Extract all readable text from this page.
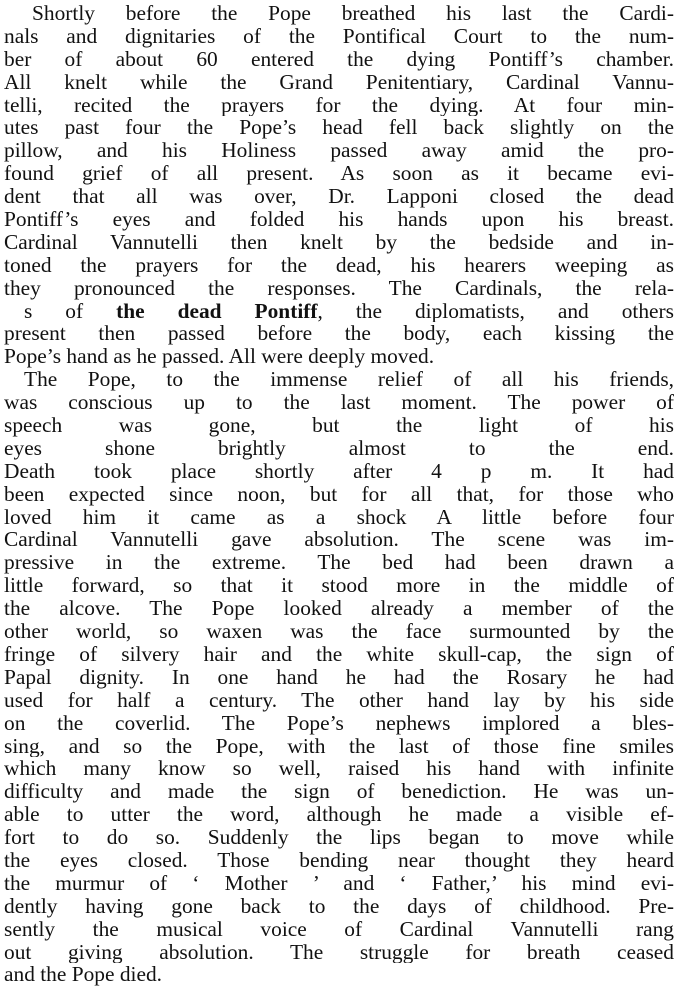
Shortly before the Pope breathed his last the Cardi-
nals and dignitaries of the Pontifical Court to the num-
ber of about 60 entered the dying Pontiff’s chamber.
All knelt while the Grand Penitentiary, Cardinal Vannu-
telli, recited the prayers for the dying. At four min-
utes past four the Pope’s head fell back slightly on the
pillow, and his Holiness passed away amid the pro-
found grief of all present. As soon as it became evi-
dent that all was over, Dr. Lapponi closed the dead
Pontiff’s eyes and folded his hands upon his breast.
Cardinal Vannutelli then knelt by the bedside and in-
toned the prayers for the dead, his hearers weeping as
they pronounced the responses. The Cardinals, the rela-
s of the dead Pontiff, the diplomatists, and others
present then passed before the body, each kissing the
Pope’s hand as he passed. All were deeply moved.
The Pope, to the immense relief of all his friends,
was conscious up to the last moment. The power of
speech was gone, but the light of his
eyes shone brightly almost to the end.
Death took place shortly after 4 p m. It had
been expected since noon, but for all that, for those who
loved him it came as a shock A little before four
Cardinal Vannutelli gave absolution. The scene was im-
pressive in the extreme. The bed had been drawn a
little forward, so that it stood more in the middle of
the alcove. The Pope looked already a member of the
other world, so waxen was the face surmounted by the
fringe of silvery hair and the white skull-cap, the sign of
Papal dignity. In one hand he had the Rosary he had
used for half a century. The other hand lay by his side
on the coverlid. The Pope’s nephews implored a bles-
sing, and so the Pope, with the last of those fine smiles
which many know so well, raised his hand with infinite
difficulty and made the sign of benediction. He was un-
able to utter the word, although he made a visible ef-
fort to do so. Suddenly the lips began to move while
the eyes closed. Those bending near thought they heard
the murmur of ‘ Mother ’ and ‘ Father,’ his mind evi-
dently having gone back to the days of childhood. Pre-
sently the musical voice of Cardinal Vannutelli rang
out giving absolution. The struggle for breath ceased
and the Pope died.
